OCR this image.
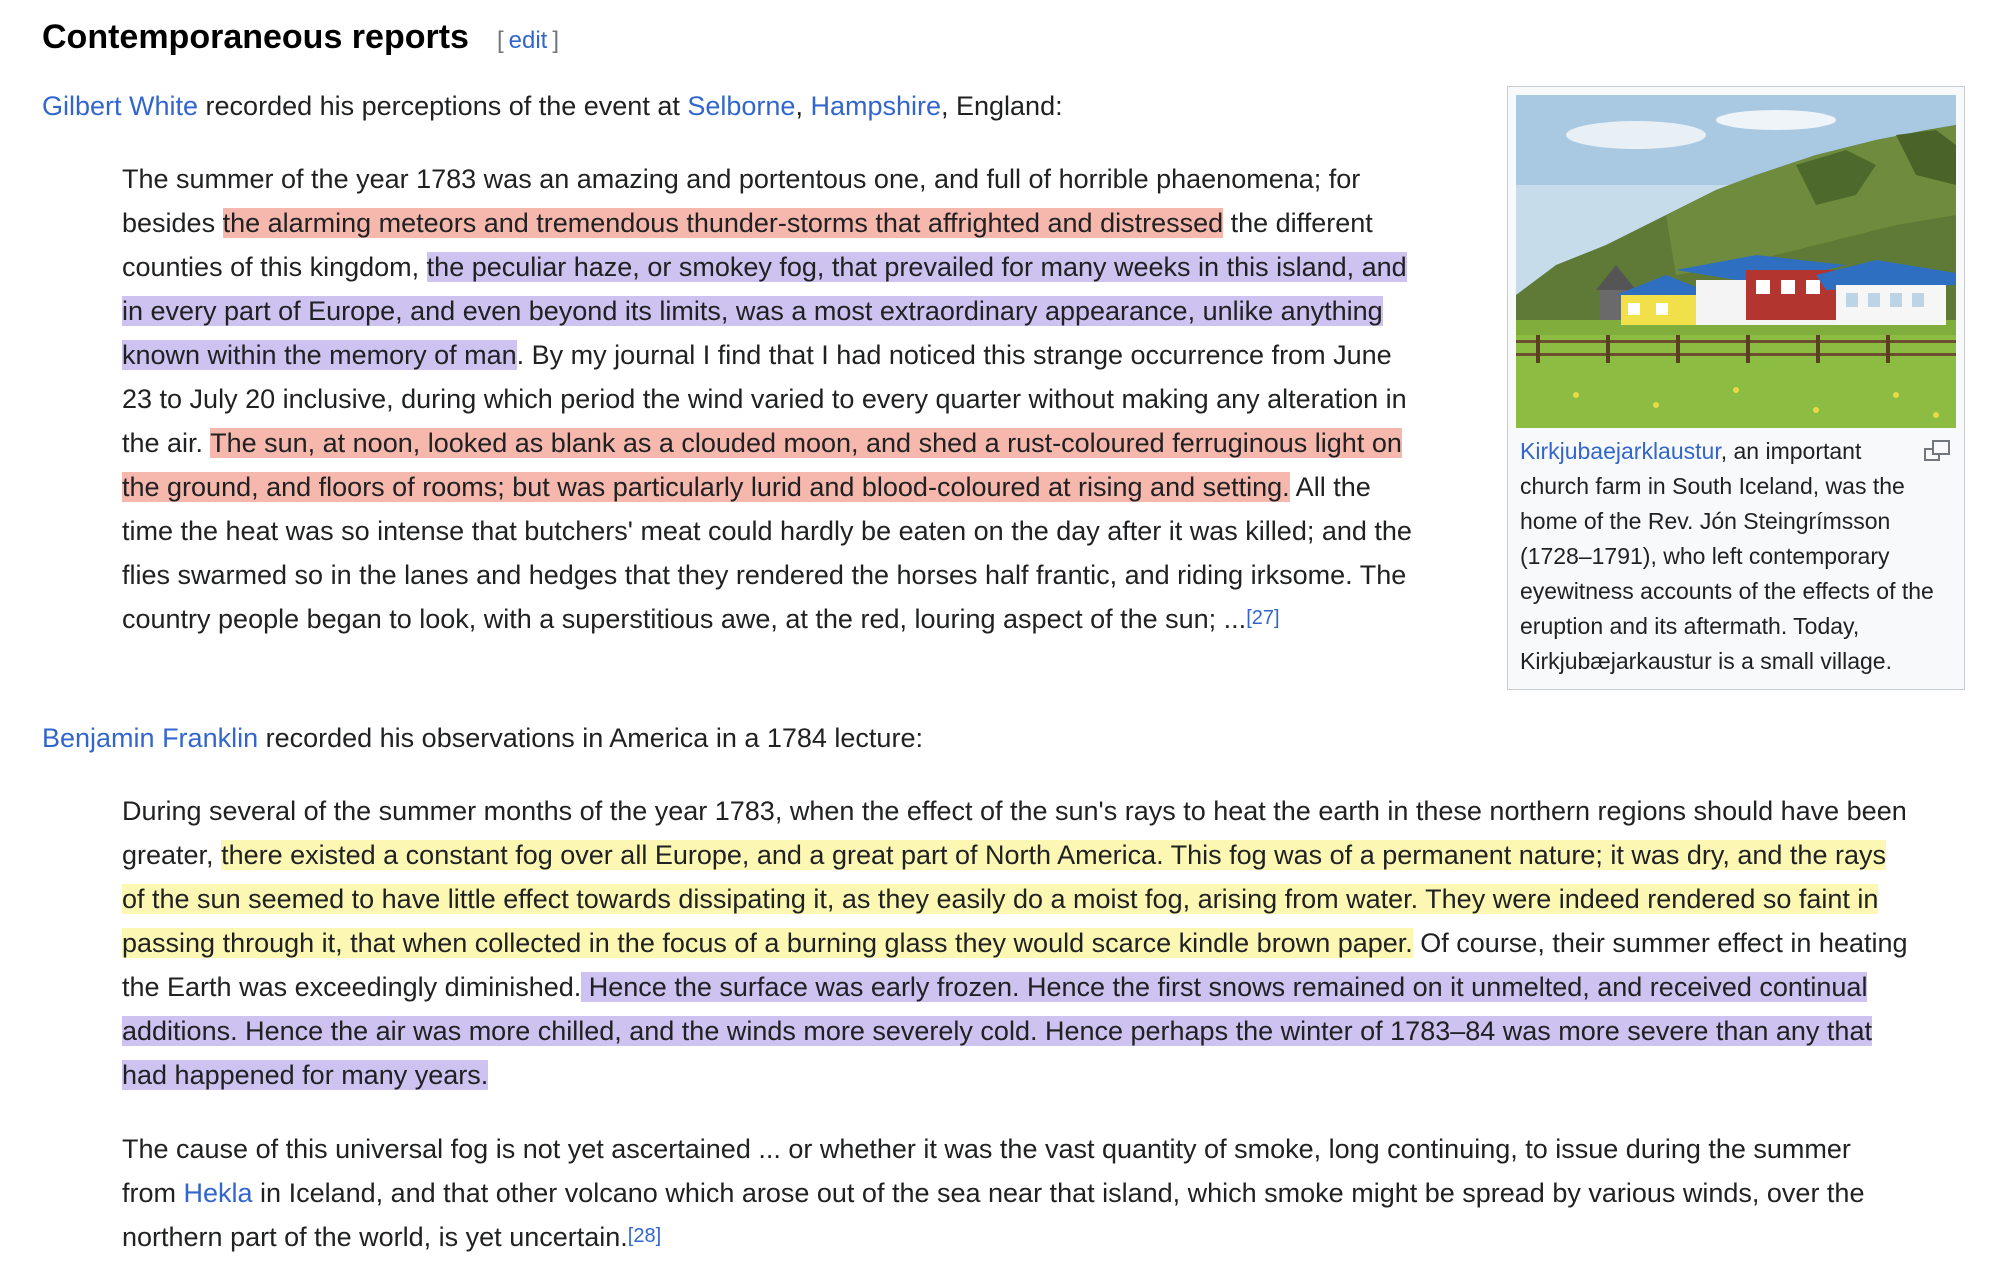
Contemporaneous reports [ edit ]

Gilbert White recorded his perceptions of the event at Selborne, Hampshire, England:

The summer of the year 1783 was an amazing and portentous one, and full of horrible phaenomena; for besides the alarming meteors and tremendous thunder-storms that affrighted and distressed the different counties of this kingdom, the peculiar haze, or smokey fog, that prevailed for many weeks in this island, and in every part of Europe, and even beyond its limits, was a most extraordinary appearance, unlike anything known within the memory of man. By my journal I find that I had noticed this strange occurrence from June 23 to July 20 inclusive, during which period the wind varied to every quarter without making any alteration in the air. The sun, at noon, looked as blank as a clouded moon, and shed a rust-coloured ferruginous light on the ground, and floors of rooms; but was particularly lurid and blood-coloured at rising and setting. All the time the heat was so intense that butchers' meat could hardly be eaten on the day after it was killed; and the flies swarmed so in the lanes and hedges that they rendered the horses half frantic, and riding irksome. The country people began to look, with a superstitious awe, at the red, louring aspect of the sun; ...[27]

Benjamin Franklin recorded his observations in America in a 1784 lecture:

During several of the summer months of the year 1783, when the effect of the sun's rays to heat the earth in these northern regions should have been greater, there existed a constant fog over all Europe, and a great part of North America. This fog was of a permanent nature; it was dry, and the rays of the sun seemed to have little effect towards dissipating it, as they easily do a moist fog, arising from water. They were indeed rendered so faint in passing through it, that when collected in the focus of a burning glass they would scarce kindle brown paper. Of course, their summer effect in heating the Earth was exceedingly diminished. Hence the surface was early frozen. Hence the first snows remained on it unmelted, and received continual additions. Hence the air was more chilled, and the winds more severely cold. Hence perhaps the winter of 1783–84 was more severe than any that had happened for many years.

The cause of this universal fog is not yet ascertained ... or whether it was the vast quantity of smoke, long continuing, to issue during the summer from Hekla in Iceland, and that other volcano which arose out of the sea near that island, which smoke might be spread by various winds, over the northern part of the world, is yet uncertain.[28]

Kirkjubaejarklaustur, an important church farm in South Iceland, was the home of the Rev. Jón Steingrímsson (1728–1791), who left contemporary eyewitness accounts of the effects of the eruption and its aftermath. Today, Kirkjubæjarkaustur is a small village.
